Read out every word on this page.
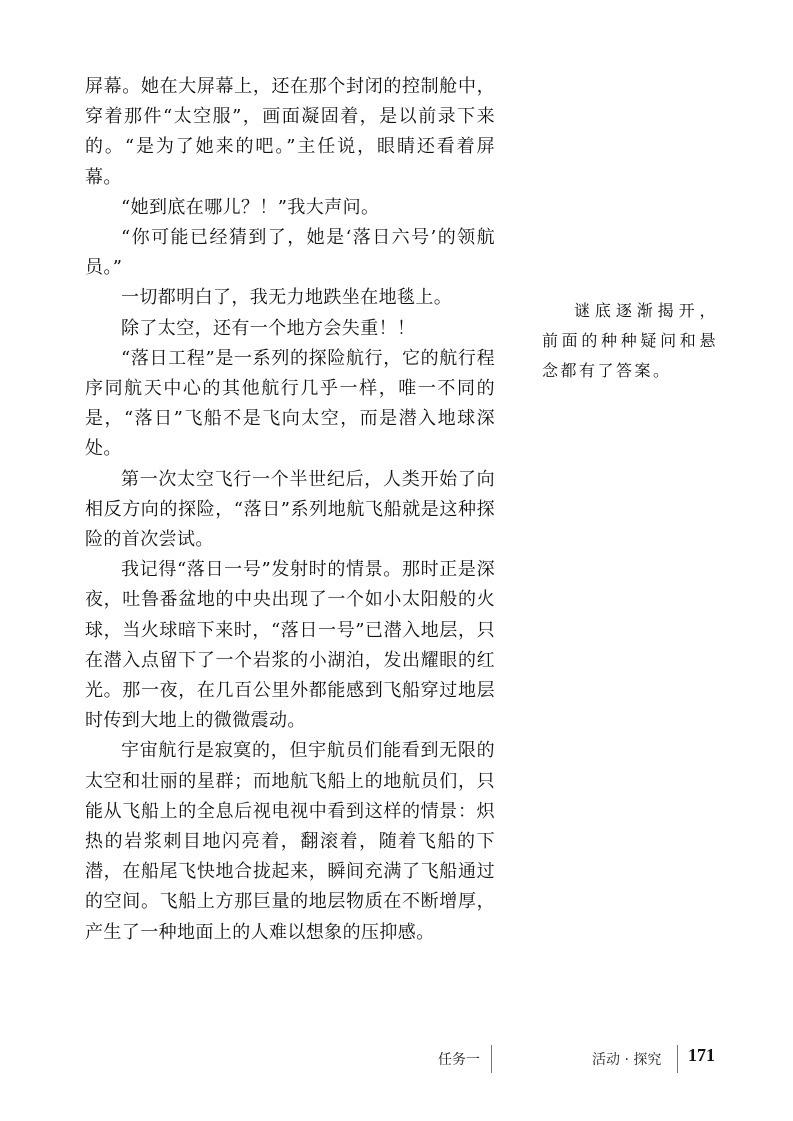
屏幕。她在大屏幕上，还在那个封闭的控制舱中，穿着那件“太空服”，画面凝固着，是以前录下来的。“是为了她来的吧。”主任说，眼睛还看着屏幕。

“她到底在哪儿？！”我大声问。

“你可能已经猜到了，她是‘落日六号’的领航员。”

一切都明白了，我无力地跌坐在地毯上。

除了太空，还有一个地方会失重！！

“落日工程”是一系列的探险航行，它的航行程序同航天中心的其他航行几乎一样，唯一不同的是，“落日”飞船不是飞向太空，而是潜入地球深处。

第一次太空飞行一个半世纪后，人类开始了向相反方向的探险，“落日”系列地航飞船就是这种探险的首次尝试。

我记得“落日一号”发射时的情景。那时正是深夜，吐鲁番盆地的中央出现了一个如小太阳般的火球，当火球暗下来时，“落日一号”已潜入地层，只在潜入点留下了一个岩浆的小湖泊，发出耀眼的红光。那一夜，在几百公里外都能感到飞船穿过地层时传到大地上的微微震动。

宇宙航行是寂寞的，但宇航员们能看到无限的太空和壮丽的星群；而地航飞船上的地航员们，只能从飞船上的全息后视电视中看到这样的情景：炽热的岩浆刺目地闪亮着，翻滚着，随着飞船的下潜，在船尾飞快地合拢起来，瞬间充满了飞船通过的空间。飞船上方那巨量的地层物质在不断增厚，产生了一种地面上的人难以想象的压抑感。

谜底逐渐揭开，前面的种种疑问和悬念都有了答案。
任务一	活动 · 探究 171
